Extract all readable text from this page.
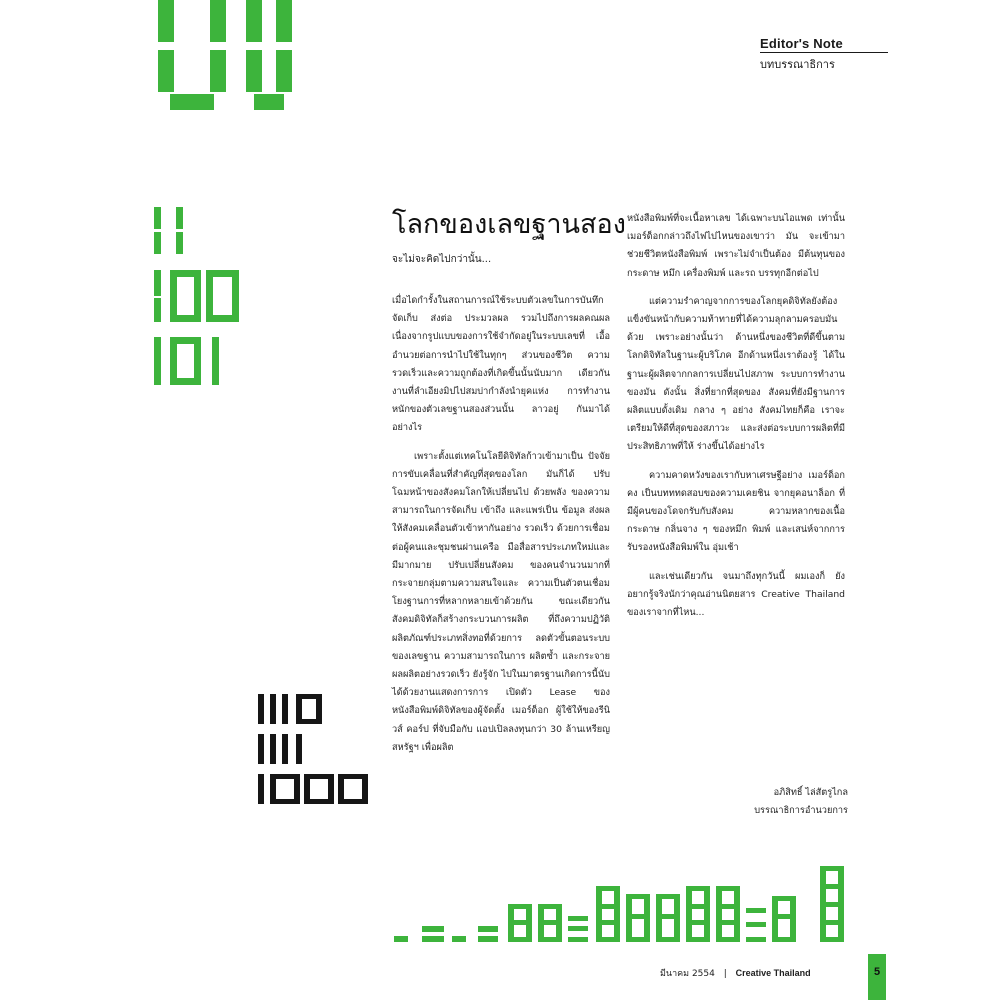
Editor's Note
บทบรรณาธิการ
โลกของเลขฐานสอง
จะไม่จะคิดไปกว่านั้น...

เมื่อไดกำรั้งในสถานการณ์ใช้ระบบตัวเลขในการบันทึก จัดเก็บ ส่งต่อ ประมวลผล รวมไปถึงการผลคณผล เนื่องจากรูปแบบของการใช้จำกัดอยู่ในระบบเลขที่ เอื้ออำนวยต่อการนำไปใช้ในทุกๆ ส่วนของชีวิต ความรวดเร็วและความถูกต้องที่เกิดขึ้นนั้นนับมาก เดียวกันงานที่ลำเอียงมิปไปสมบ่ากำลังนำยุคแห่ง การทำงานหนักของตัวเลขฐานสองส่วนนั้น ลาวอยู่ กันมาได้อย่างไร

เพราะตั้งแต่เทคโนโลยีดิจิทัลก้าวเข้ามาเป็น ปัจจัยการขับเคลื่อนที่สำคัญที่สุดของโลก มันก็ได้ ปรับโฉมหน้าของสังคมโลกให้เปลี่ยนไป ด้วยพลัง ของความสามารถในการจัดเก็บ เข้าถึง และแพร่เป็น ข้อมูล ส่งผลให้สังคมเคลื่อนตัวเข้าหากันอย่าง รวดเร็ว ด้วยการเชื่อมต่อผู้คนและชุมชนผ่านเครือ มือสื่อสารประเภทใหม่และมีมากมาย ปรับเปลี่ยนสังคม ของคนจำนวนมากที่กระจายกลุ่มตามความสนใจและ ความเป็นตัวตนเชื่อมโยงฐานการที่หลากหลายเข้าด้วยกัน ขณะเดียวกัน สังคมดิจิทัลก็สร้างกระบวนการผลิต ที่ถึงความปฏิวัติผลิตภัณฑ์ประเภทสิ่งทอที่ด้วยการ ลดตัวขั้นตอนระบบของเลขฐาน ความสามารถในการ ผลิตซ้ำ และกระจายผลผลิตอย่างรวดเร็ว ยังรู้จัก ไปในมาตรฐานเกิดการนี้นับได้ด้วยงานแสดงการการ เปิดตัว Lease ของ หนังสือพิมพ์ดิจิทัลของผู้จัดตั้ง เมอร์ด็อก ผู้ใช้ให้ของรีนิวส์ คอร์ป ที่จับมือกับ แอปเปิลลงทุนกว่า 30 ล้านเหรียญสหรัฐฯ เพื่อผลิต

หนังสือพิมพ์ที่จะเนื้อหาเลข ได้เฉพาะบนไอแพด เท่านั้น เมอร์ด็อกกล่าวถึงไฟไปไหนของเขาว่า มัน จะเข้ามาช่วยชีวิตหนังสือพิมพ์ เพราะไม่จำเป็นต้อง มีต้นทุนของกระดาษ หมึก เครื่องพิมพ์ และรถ บรรทุกอีกต่อไป

แต่ความรำคาญจากการของโลกยุคดิจิทัลยังต้อง แข็งขันหน้ากับความท้าทายที่ได้ความลุกลามครอบมัน ด้วย เพราะอย่างนั้นว่า ด้านหนึ่งของชีวิตที่ดีขึ้นตาม โลกดิจิทัลในฐานะผู้บริโภค อีกด้านหนึ่งเราต้องรู้ ได้ในฐานะผู้ผลิตจากกลการเปลี่ยนไปสภาพ ระบบการทำงานของมัน ดังนั้น สิ่งที่ยากที่สุดของ สังคมที่ยังมีฐานการผลิตแบบดั้งเดิม กลาง ๆ อย่าง สังคมไทยก็คือ เราจะเตรียมให้ดีที่สุดของสภาวะ และส่งต่อระบบการผลิตที่มีประสิทธิภาพที่ให้ ร่างขึ้นได้อย่างไร

ความคาดหวังของเรากับหาเศรษฐีอย่าง เมอร์ด็อกคง เป็นบทททดสอบของความเคยชิน จากยุคอนาล็อก ที่มีผู้คนของโดจกรับกับสังคม ความหลากของเนื้อกระดาษ กลิ่นจาง ๆ ของหมึก พิมพ์ และเสน่ห์จากการรับรองหนังสือพิมพ์ใน อุ่มเช้า

และเช่นเดียวกัน จนมาถึงทุกวันนี้ ผมเองก็ ยังอยากรู้จริงนักว่าคุณอ่านนิตยสาร Creative Thailand ของเราจากที่ไหน...

อภิสิทธิ์ ไล่สัตรูไกล
บรรณาธิการอำนวยการ
มีนาคม 2554 | Creative Thailand	5
